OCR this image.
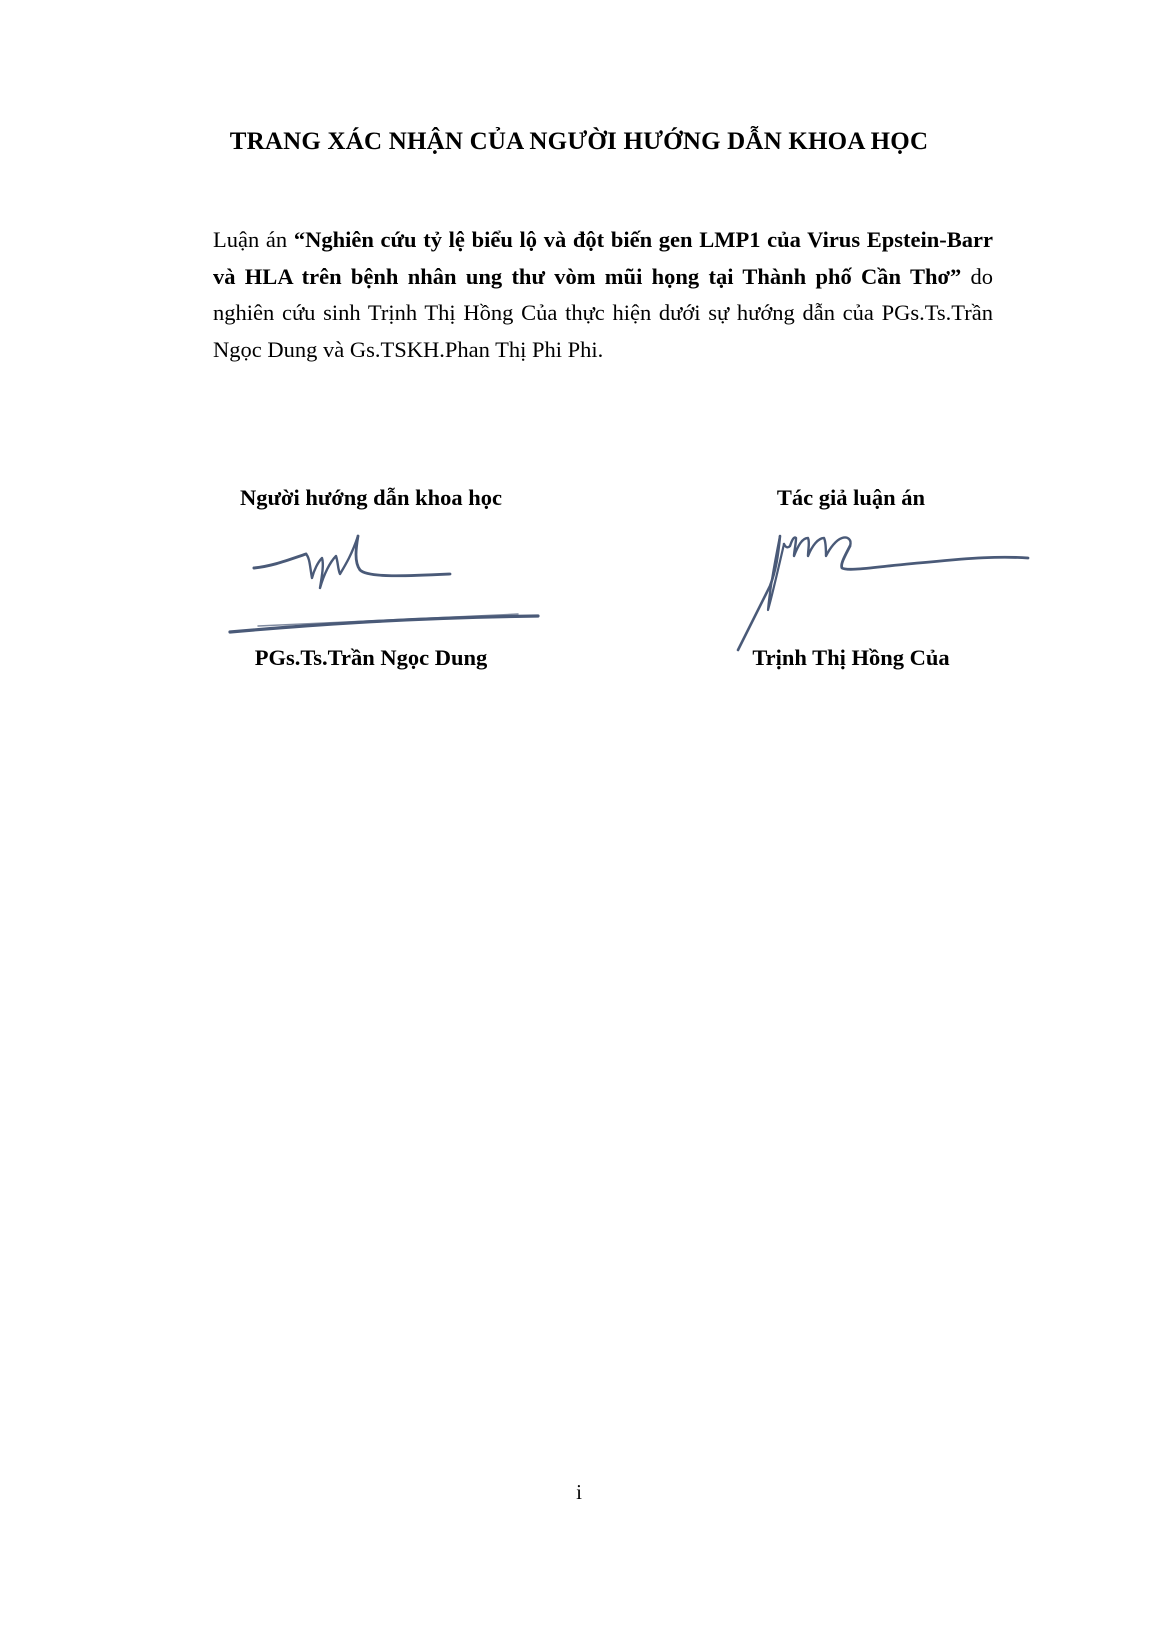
TRANG XÁC NHẬN CỦA NGƯỜI HƯỚNG DẪN KHOA HỌC

Luận án “Nghiên cứu tỷ lệ biểu lộ và đột biến gen LMP1 của Virus Epstein-Barr và HLA trên bệnh nhân ung thư vòm mũi họng tại Thành phố Cần Thơ” do nghiên cứu sinh Trịnh Thị Hồng Của thực hiện dưới sự hướng dẫn của PGs.Ts.Trần Ngọc Dung và Gs.TSKH.Phan Thị Phi Phi.

Người hướng dẫn khoa học
PGs.Ts.Trần Ngọc Dung
Tác giả luận án
Trịnh Thị Hồng Của
i
